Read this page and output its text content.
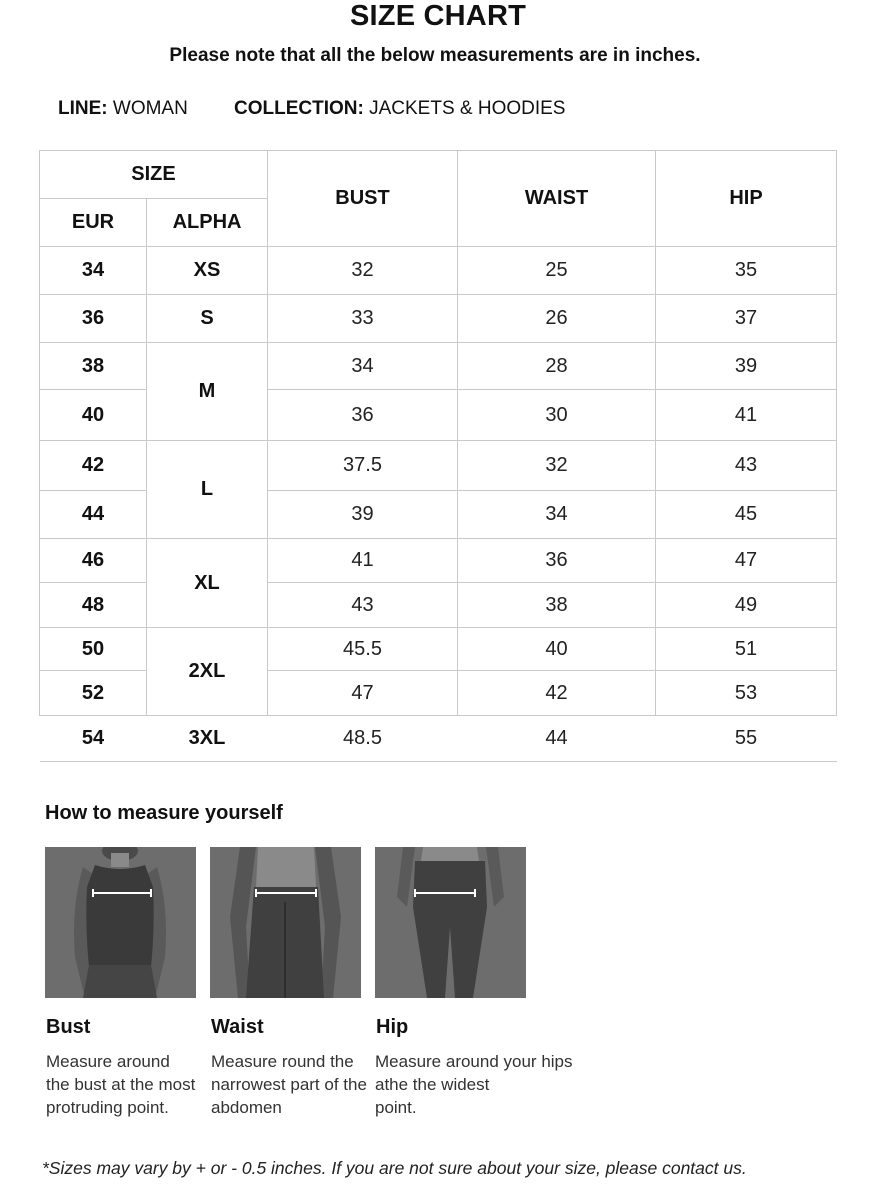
SIZE CHART
Please note that all the below measurements are in inches.
LINE: WOMAN COLLECTION: JACKETS & HOODIES
SIZE		BUST	WAIST	HIP
EUR	ALPHA			
34	XS	32	25	35
36	S	33	26	37
38	M	34	28	39
40		36	30	41
42	L	37.5	32	43
44		39	34	45
46	XL	41	36	47
48		43	38	49
50	2XL	45.5	40	51
52		47	42	53
54	3XL	48.5	44	55
How to measure yourself
Bust	Waist	Hip
Measure around
the bust at the most
protruding point.
Measure round the
narrowest part of the
abdomen
Measure around your hips
athe the widest
point.
*Sizes may vary by + or - 0.5 inches. If you are not sure about your size, please contact us.
